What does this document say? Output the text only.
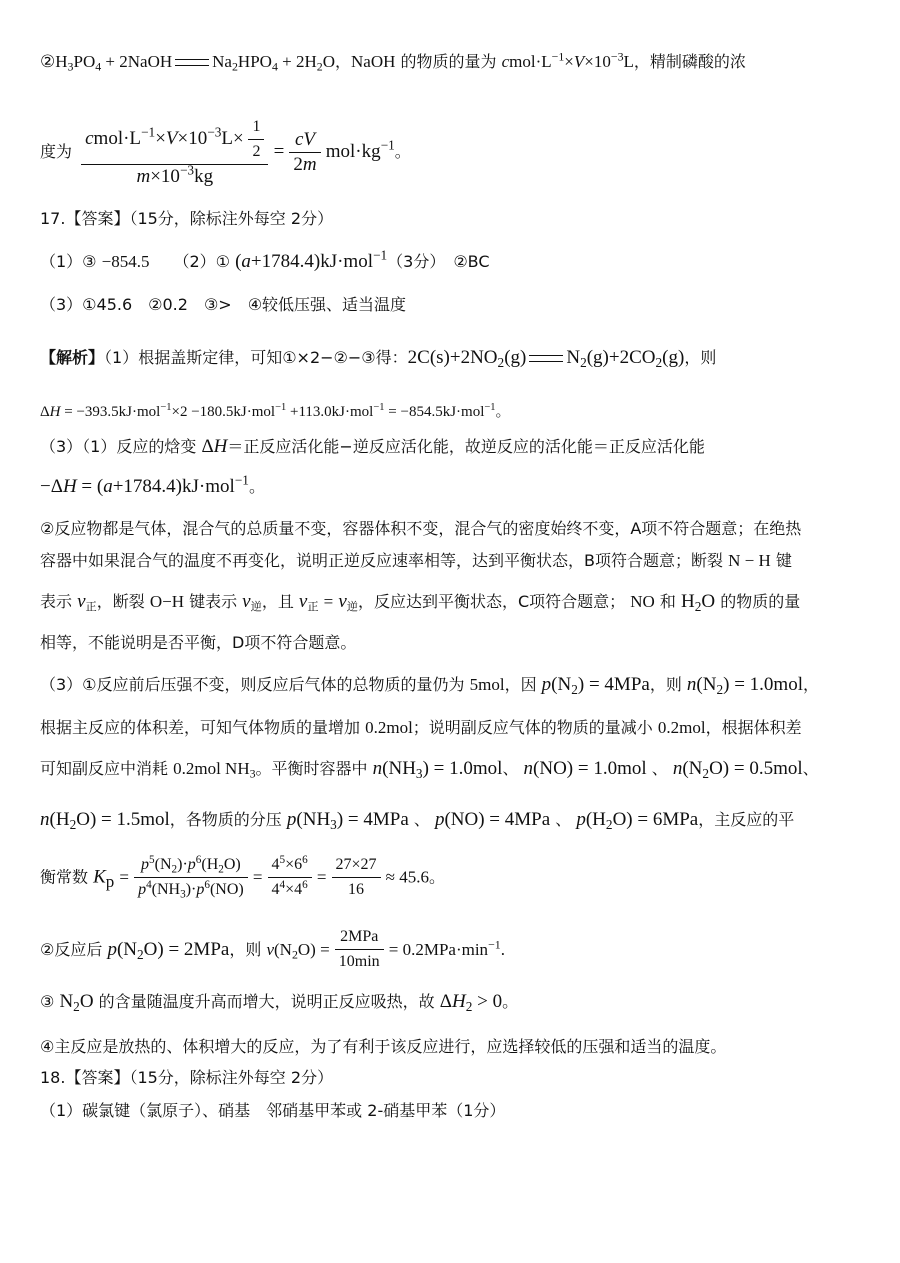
$②H_3PO_4$ + 2NaOH $Na_2HPO_4 + 2H_2O$，NaOH 的物质的量为 $cmol\cdot L^{-1}\times V\times 10^{-3}L$，精制磷酸的浓
度为 $\frac{cmol\cdot L^{-1}\times V\times 10^{-3}L\times \frac{1}{2}}{m\times 10^{-3}kg} = \frac{cV}{2m} mol\cdot kg^{-1}$。
17.【答案】（15分，除标注外每空 2分）
（1）③ −854.5　　（2）① (a+1784.4)kJ·mol$^{-1}$（3分）　②BC
（3）①45.6　②0.2　③>　④较低压强、适当温度
【解析】（1）根据盖斯定律，可知①×2−②−③得：$2C(s)+2NO_2(g)$ $N_2(g)+2CO_2(g)$，则
ΔH = −393.5kJ·mol$^{-1}$×2 −180.5kJ·mol$^{-1}$ +113.0kJ·mol$^{-1}$ = −854.5kJ·mol$^{-1}$。
（3）（1）反应的焓变 ΔH＝正反应活化能−逆反应活化能，故逆反应的活化能＝正反应活化能
−ΔH = (a+1784.4)kJ·mol$^{-1}$。
②反应物都是气体，混合气的总质量不变，容器体积不变，混合气的密度始终不变，A项不符合题意；在绝热
容器中如果混合气的温度不再变化，说明正逆反应速率相等，达到平衡状态，B项符合题意；断裂 N − H 键
表示 $v_正$，断裂 O−H 键表示 $v_逆$，且 $v_正 = v_逆$，反应达到平衡状态，C项符合题意； NO 和 $H_2O$ 的物质的量
相等，不能说明是否平衡，D项不符合题意。
（3）①反应前后压强不变，则反应后气体的总物质的量仍为 5mol，因 $p(N_2) = 4MPa$，则 $n(N_2) = 1.0mol$，
根据主反应的体积差，可知气体物质的量增加 0.2mol；说明副反应气体的物质的量减小 0.2mol，根据体积差
可知副反应中消耗 0.2mol $NH_3$。平衡时容器中 $n(NH_3) = 1.0mol$、 n(NO) = 1.0mol 、 $n(N_2O) = 0.5mol$、
$n(H_2O) = 1.5mol$，各物质的分压 $p(NH_3) = 4MPa$ 、 p(NO) = 4MPa 、 $p(H_2O) = 6MPa$，主反应的平
衡常数 $K_p = \frac{p^5(N_2)\cdot p^6(H_2O)}{p^4(NH_3)\cdot p^6(NO)} = \frac{4^5\times 6^6}{4^4\times 4^6} = \frac{27\times 27}{16} \approx 45.6$。
②反应后 $p(N_2O) = 2MPa$，则 $v(N_2O) = \frac{\text{2MPa}}{10\min} = 0.2MPa\cdot\min^{-1}$.
③ $N_2O$ 的含量随温度升高而增大，说明正反应吸热，故 $\Delta H_2 > 0$。
④主反应是放热的、体积增大的反应，为了有利于该反应进行，应选择较低的压强和适当的温度。
18.【答案】（15分，除标注外每空 2分）
（1）碳氯键（氯原子）、硝基　邻硝基甲苯或 2-硝基甲苯（1分）
